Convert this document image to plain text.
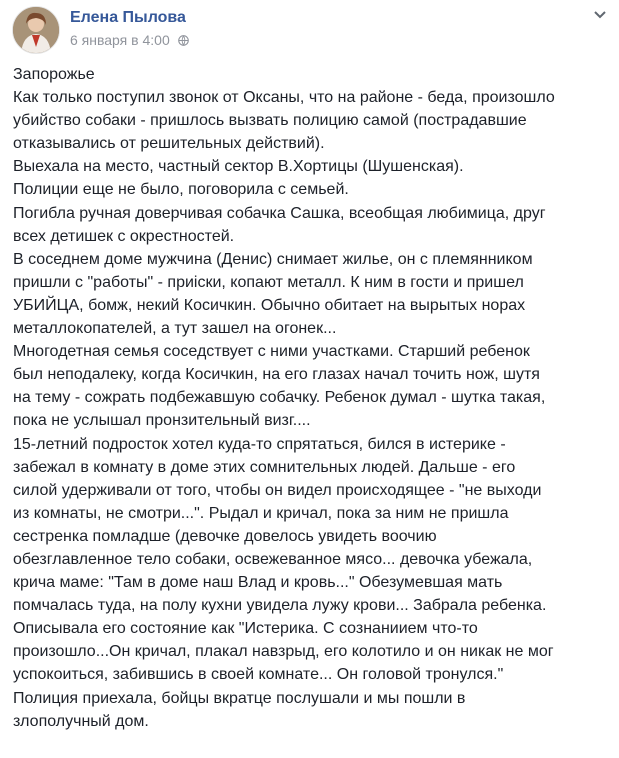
Елена Пылова
6 января в 4:00
Запорожье
Как только поступил звонок от Оксаны, что на районе - беда, произошло
убийство собаки - пришлось вызвать полицию самой (пострадавшие
отказывались от решительных действий).
Выехала на место, частный сектор В.Хортицы (Шушенская).
Полиции еще не было, поговорила с семьей.
Погибла ручная доверчивая собачка Сашка, всеобщая любимица, друг
всех детишек с окрестностей.
В соседнем доме мужчина (Денис) снимает жилье, он с племянником
пришли с "работы" - приiски, копают металл. К ним в гости и пришел
УБИЙЦА, бомж, некий Косичкин. Обычно обитает на вырытых норах
металлокопателей, а тут зашел на огонек...
Многодетная семья соседствует с ними участками. Старший ребенок
был неподалеку, когда Косичкин, на его глазах начал точить нож, шутя
на тему - сожрать подбежавшую собачку. Ребенок думал - шутка такая,
пока не услышал пронзительный визг....
15-летний подросток хотел куда-то спрятаться, бился в истерике -
забежал в комнату в доме этих сомнительных людей. Дальше - его
силой удерживали от того, чтобы он видел происходящее - "не выходи
из комнаты, не смотри...". Рыдал и кричал, пока за ним не пришла
сестренка помладше (девочке довелось увидеть воочию
обезглавленное тело собаки, освежеванное мясо... девочка убежала,
крича маме: "Там в доме наш Влад и кровь..." Обезумевшая мать
помчалась туда, на полу кухни увидела лужу крови... Забрала ребенка.
Описывала его состояние как "Истерика. С сознаниием что-то
произошло...Он кричал, плакал навзрыд, его колотило и он никак не мог
успокоиться, забившись в своей комнате... Он головой тронулся."
Полиция приехала, бойцы вкратце послушали и мы пошли в
злополучный дом.
